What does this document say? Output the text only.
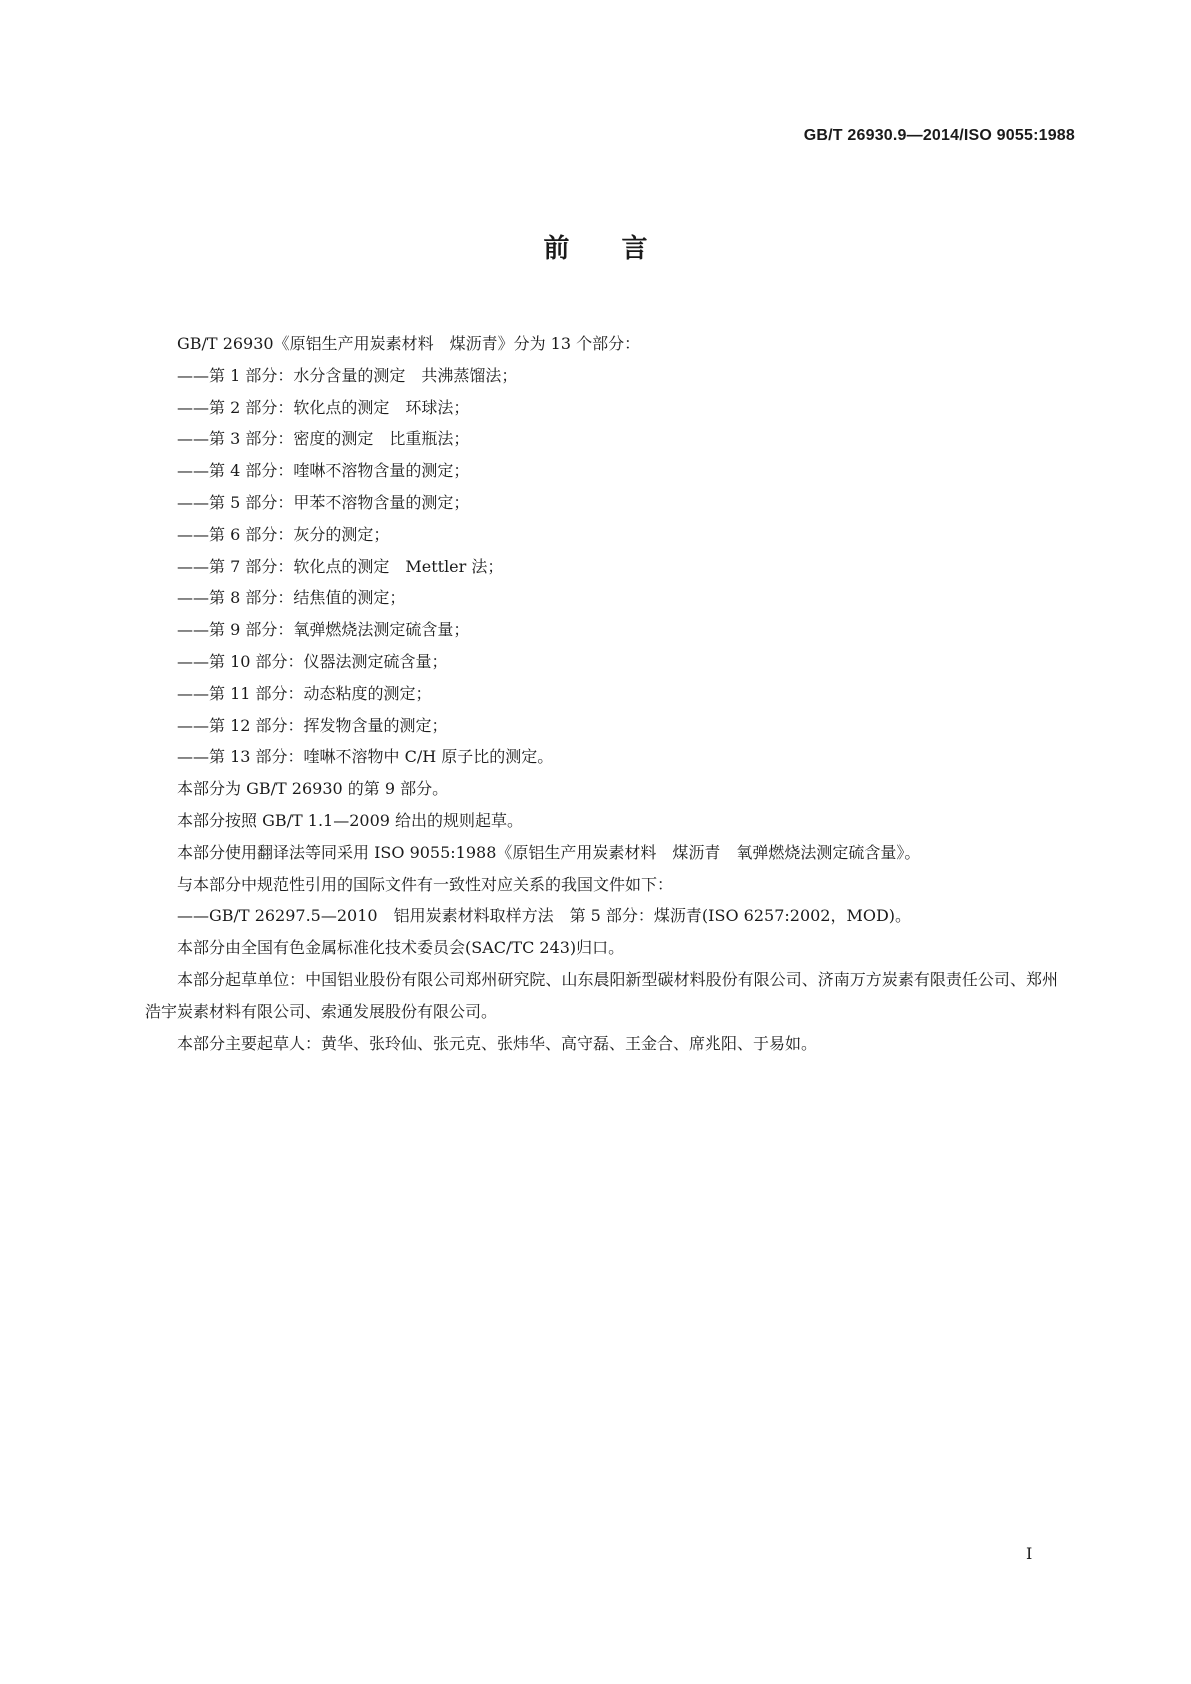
GB/T 26930.9—2014/ISO 9055:1988
前言

GB/T 26930《原铝生产用炭素材料　煤沥青》分为 13 个部分：

——第 1 部分：水分含量的测定　共沸蒸馏法；

——第 2 部分：软化点的测定　环球法；

——第 3 部分：密度的测定　比重瓶法；

——第 4 部分：喹啉不溶物含量的测定；

——第 5 部分：甲苯不溶物含量的测定；

——第 6 部分：灰分的测定；

——第 7 部分：软化点的测定　Mettler 法；

——第 8 部分：结焦值的测定；

——第 9 部分：氧弹燃烧法测定硫含量；

——第 10 部分：仪器法测定硫含量；

——第 11 部分：动态粘度的测定；

——第 12 部分：挥发物含量的测定；

——第 13 部分：喹啉不溶物中 C/H 原子比的测定。

本部分为 GB/T 26930 的第 9 部分。

本部分按照 GB/T 1.1—2009 给出的规则起草。

本部分使用翻译法等同采用 ISO 9055:1988《原铝生产用炭素材料　煤沥青　氧弹燃烧法测定硫含量》。

与本部分中规范性引用的国际文件有一致性对应关系的我国文件如下：

——GB/T 26297.5—2010　铝用炭素材料取样方法　第 5 部分：煤沥青(ISO 6257:2002，MOD)。

本部分由全国有色金属标准化技术委员会(SAC/TC 243)归口。

本部分起草单位：中国铝业股份有限公司郑州研究院、山东晨阳新型碳材料股份有限公司、济南万方炭素有限责任公司、郑州浩宇炭素材料有限公司、索通发展股份有限公司。

本部分主要起草人：黄华、张玲仙、张元克、张炜华、高守磊、王金合、席兆阳、于易如。

I
